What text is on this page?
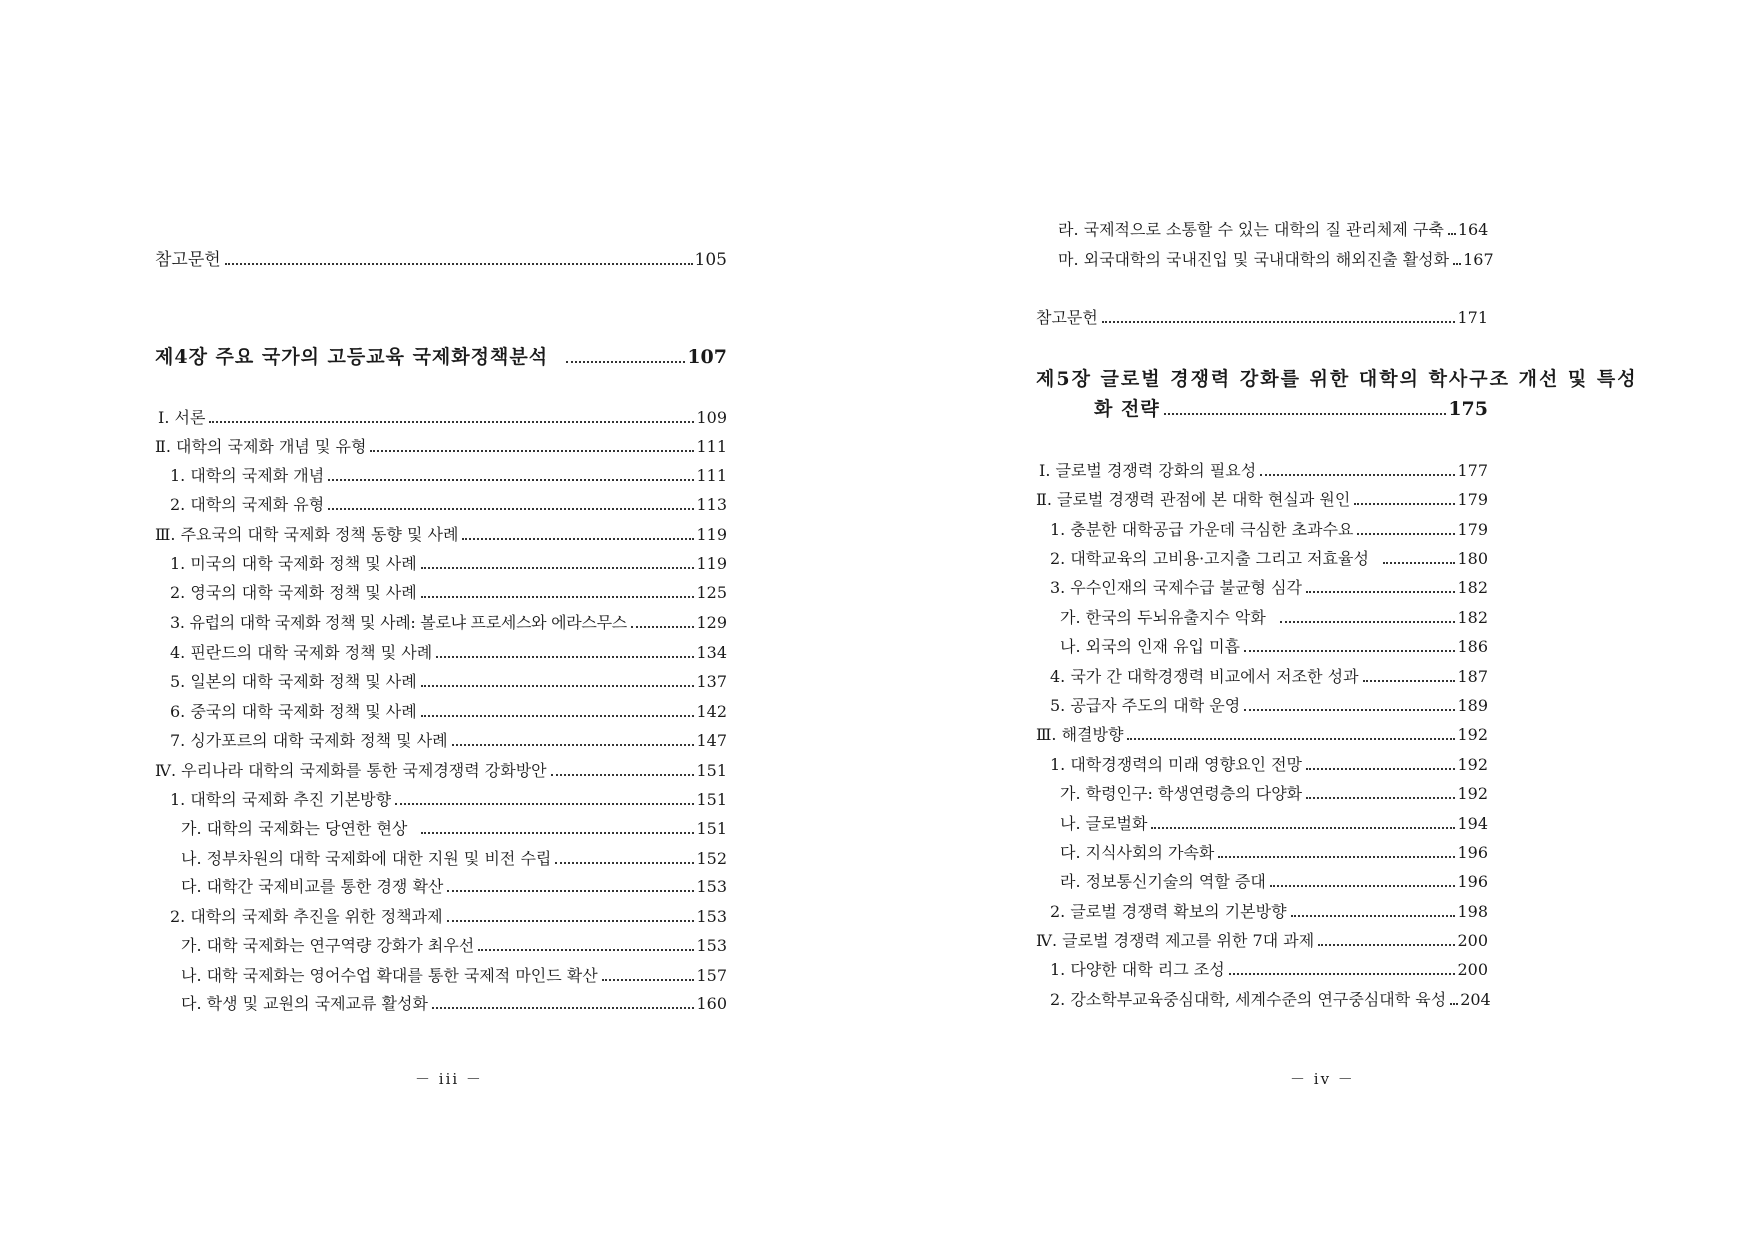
참고문헌	105
제4장 주요 국가의 고등교육 국제화정책분석	107
Ⅰ. 서론	109
Ⅱ. 대학의 국제화 개념 및 유형	111
1. 대학의 국제화 개념	111
2. 대학의 국제화 유형	113
Ⅲ. 주요국의 대학 국제화 정책 동향 및 사례	119
1. 미국의 대학 국제화 정책 및 사례	119
2. 영국의 대학 국제화 정책 및 사례	125
3. 유럽의 대학 국제화 정책 및 사례: 볼로냐 프로세스와 에라스무스	129
4. 핀란드의 대학 국제화 정책 및 사례	134
5. 일본의 대학 국제화 정책 및 사례	137
6. 중국의 대학 국제화 정책 및 사례	142
7. 싱가포르의 대학 국제화 정책 및 사례	147
Ⅳ. 우리나라 대학의 국제화를 통한 국제경쟁력 강화방안	151
1. 대학의 국제화 추진 기본방향	151
가. 대학의 국제화는 당연한 현상	151
나. 정부차원의 대학 국제화에 대한 지원 및 비전 수립	152
다. 대학간 국제비교를 통한 경쟁 확산	153
2. 대학의 국제화 추진을 위한 정책과제	153
가. 대학 국제화는 연구역량 강화가 최우선	153
나. 대학 국제화는 영어수업 확대를 통한 국제적 마인드 확산	157
다. 학생 및 교원의 국제교류 활성화	160
－ iii －
라. 국제적으로 소통할 수 있는 대학의 질 관리체제 구축 164
마. 외국대학의 국내진입 및 국내대학의 해외진출 활성화 167
참고문헌	171
제5장 글로벌 경쟁력 강화를 위한 대학의 학사구조 개선 및 특성
화 전략	175
Ⅰ. 글로벌 경쟁력 강화의 필요성	177
Ⅱ. 글로벌 경쟁력 관점에 본 대학 현실과 원인	179
1. 충분한 대학공급 가운데 극심한 초과수요	179
2. 대학교육의 고비용·고지출 그리고 저효율성	180
3. 우수인재의 국제수급 불균형 심각	182
가. 한국의 두뇌유출지수 악화	182
나. 외국의 인재 유입 미흡	186
4. 국가 간 대학경쟁력 비교에서 저조한 성과	187
5. 공급자 주도의 대학 운영	189
Ⅲ. 해결방향	192
1. 대학경쟁력의 미래 영향요인 전망	192
가. 학령인구: 학생연령층의 다양화	192
나. 글로벌화	194
다. 지식사회의 가속화	196
라. 정보통신기술의 역할 증대	196
2. 글로벌 경쟁력 확보의 기본방향	198
Ⅳ. 글로벌 경쟁력 제고를 위한 7대 과제	200
1. 다양한 대학 리그 조성	200
2. 강소학부교육중심대학, 세계수준의 연구중심대학 육성 204
－ iv －
